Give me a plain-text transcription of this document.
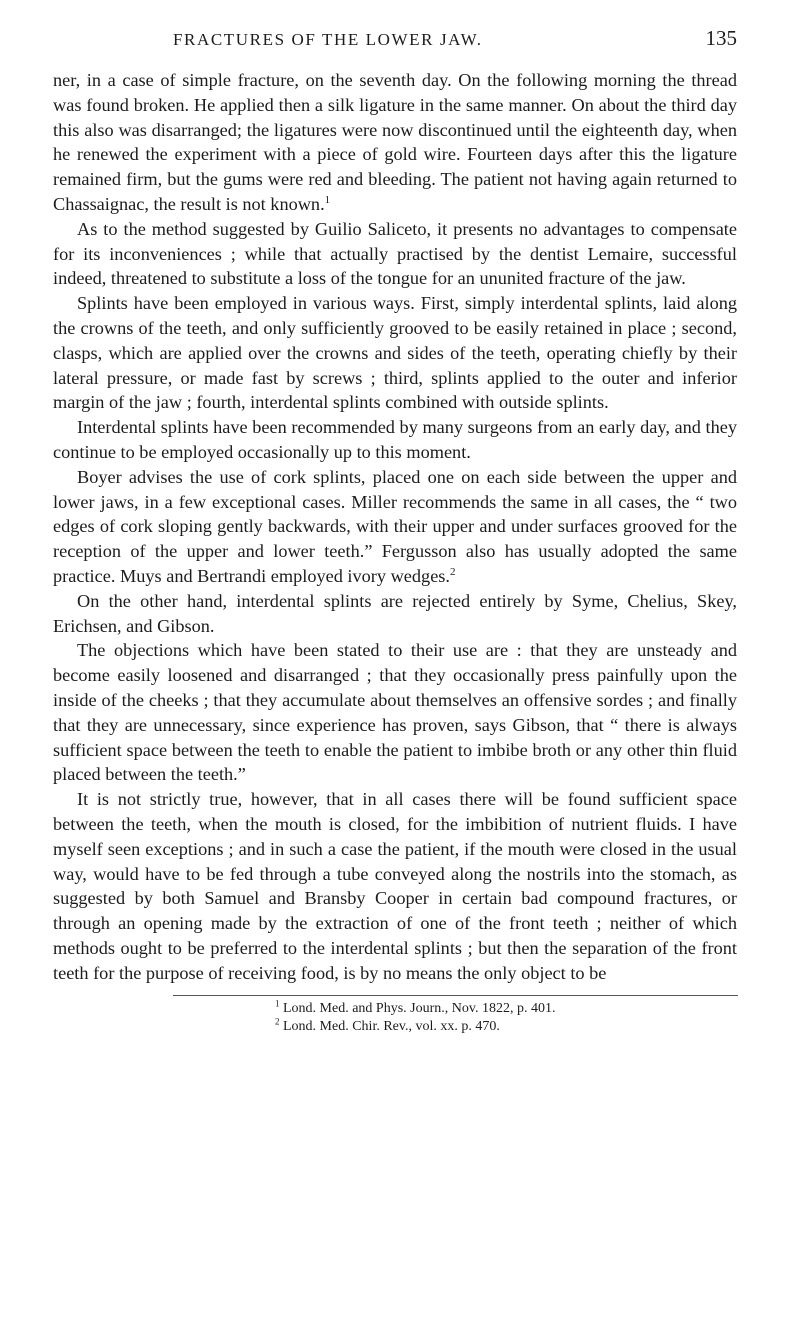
FRACTURES OF THE LOWER JAW.	135

ner, in a case of simple fracture, on the seventh day. On the following morning the thread was found broken. He applied then a silk ligature in the same manner. On about the third day this also was disarranged; the ligatures were now discontinued until the eighteenth day, when he renewed the experiment with a piece of gold wire. Fourteen days after this the ligature remained firm, but the gums were red and bleeding. The patient not having again returned to Chassaignac, the result is not known.$^1$

As to the method suggested by Guilio Saliceto, it presents no advantages to compensate for its inconveniences ; while that actually practised by the dentist Lemaire, successful indeed, threatened to substitute a loss of the tongue for an ununited fracture of the jaw.

Splints have been employed in various ways. First, simply interdental splints, laid along the crowns of the teeth, and only sufficiently grooved to be easily retained in place ; second, clasps, which are applied over the crowns and sides of the teeth, operating chiefly by their lateral pressure, or made fast by screws ; third, splints applied to the outer and inferior margin of the jaw ; fourth, interdental splints combined with outside splints.

Interdental splints have been recommended by many surgeons from an early day, and they continue to be employed occasionally up to this moment.

Boyer advises the use of cork splints, placed one on each side between the upper and lower jaws, in a few exceptional cases. Miller recommends the same in all cases, the “ two edges of cork sloping gently backwards, with their upper and under surfaces grooved for the reception of the upper and lower teeth.” Fergusson also has usually adopted the same practice. Muys and Bertrandi employed ivory wedges.$^2$

On the other hand, interdental splints are rejected entirely by Syme, Chelius, Skey, Erichsen, and Gibson.

The objections which have been stated to their use are : that they are unsteady and become easily loosened and disarranged ; that they occasionally press painfully upon the inside of the cheeks ; that they accumulate about themselves an offensive sordes ; and finally that they are unnecessary, since experience has proven, says Gibson, that “ there is always sufficient space between the teeth to enable the patient to imbibe broth or any other thin fluid placed between the teeth.”

It is not strictly true, however, that in all cases there will be found sufficient space between the teeth, when the mouth is closed, for the imbibition of nutrient fluids. I have myself seen exceptions ; and in such a case the patient, if the mouth were closed in the usual way, would have to be fed through a tube conveyed along the nostrils into the stomach, as suggested by both Samuel and Bransby Cooper in certain bad compound fractures, or through an opening made by the extraction of one of the front teeth ; neither of which methods ought to be preferred to the interdental splints ; but then the separation of the front teeth for the purpose of receiving food, is by no means the only object to be

$^1$ Lond. Med. and Phys. Journ., Nov. 1822, p. 401.
$^2$ Lond. Med. Chir. Rev., vol. xx. p. 470.
